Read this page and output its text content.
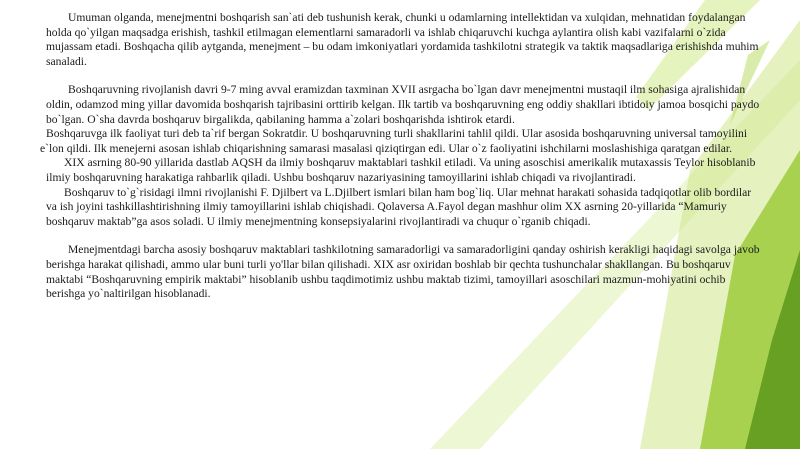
Umuman olganda, menejmentni boshqarish san`ati deb tushunish kerak, chunki u odamlarning intellektidan va xulqidan, mehnatidan foydalangan holda qo`yilgan maqsadga erishish, tashkil etilmagan elementlarni samaradorli va ishlab chiqaruvchi kuchga aylantira olish kabi vazifalarni o`zida mujassam etadi. Boshqacha qilib aytganda, menejment – bu odam imkoniyatlari yordamida tashkilotni strategik va taktik maqsadlariga erishishda muhim sanaladi.

Boshqaruvning rivojlanish davri 9-7 ming avval eramizdan taxminan XVII asrgacha bo`lgan davr menejmentni mustaqil ilm sohasiga ajralishidan oldin, odamzod ming yillar davomida boshqarish tajribasini orttirib kelgan. Ilk tartib va boshqaruvning eng oddiy shakllari ibtidoiy jamoa bosqichi paydo bo`lgan. O`sha davrda boshqaruv birgalikda, qabilaning hamma a`zolari boshqarishda ishtirok etardi.

Boshqaruvga ilk faoliyat turi deb ta`rif bergan Sokratdir. U boshqaruvning turli shakllarini tahlil qildi. Ular asosida boshqaruvning universal tamoyilini e`lon qildi. Ilk menejerni asosan ishlab chiqarishning samarasi masalasi qiziqtirgan edi. Ular o`z faoliyatini ishchilarni moslashishiga qaratgan edilar.

XIX asrning 80-90 yillarida dastlab AQSH da ilmiy boshqaruv maktablari tashkil etiladi. Va uning asoschisi amerikalik mutaxassis Teylor hisoblanib ilmiy boshqaruvning harakatiga rahbarlik qiladi. Ushbu boshqaruv nazariyasining tamoyillarini ishlab chiqadi va rivojlantiradi.

Boshqaruv to`g`risidagi ilmni rivojlanishi F. Djilbert va L.Djilbert ismlari bilan ham bog`liq. Ular mehnat harakati sohasida tadqiqotlar olib bordilar va ish joyini tashkillashtirishning ilmiy tamoyillarini ishlab chiqishadi. Qolaversa A.Fayol degan mashhur olim XX asrning 20-yillarida “Mamuriy boshqaruv maktab”ga asos soladi. U ilmiy menejmentning konsepsiyalarini rivojlantiradi va chuqur o`rganib chiqadi.

Menejmentdagi barcha asosiy boshqaruv maktablari tashkilotning samaradorligi va samaradorligini qanday oshirish kerakligi haqidagi savolga javob berishga harakat qilishadi, ammo ular buni turli yo'llar bilan qilishadi. XIX asr oxiridan boshlab bir qechta tushunchalar shakllangan. Bu boshqaruv maktabi “Boshqaruvning empirik maktabi” hisoblanib ushbu taqdimotimiz ushbu maktab tizimi, tamoyillari asoschilari mazmun-mohiyatini ochib berishga yo`naltirilgan hisoblanadi.
